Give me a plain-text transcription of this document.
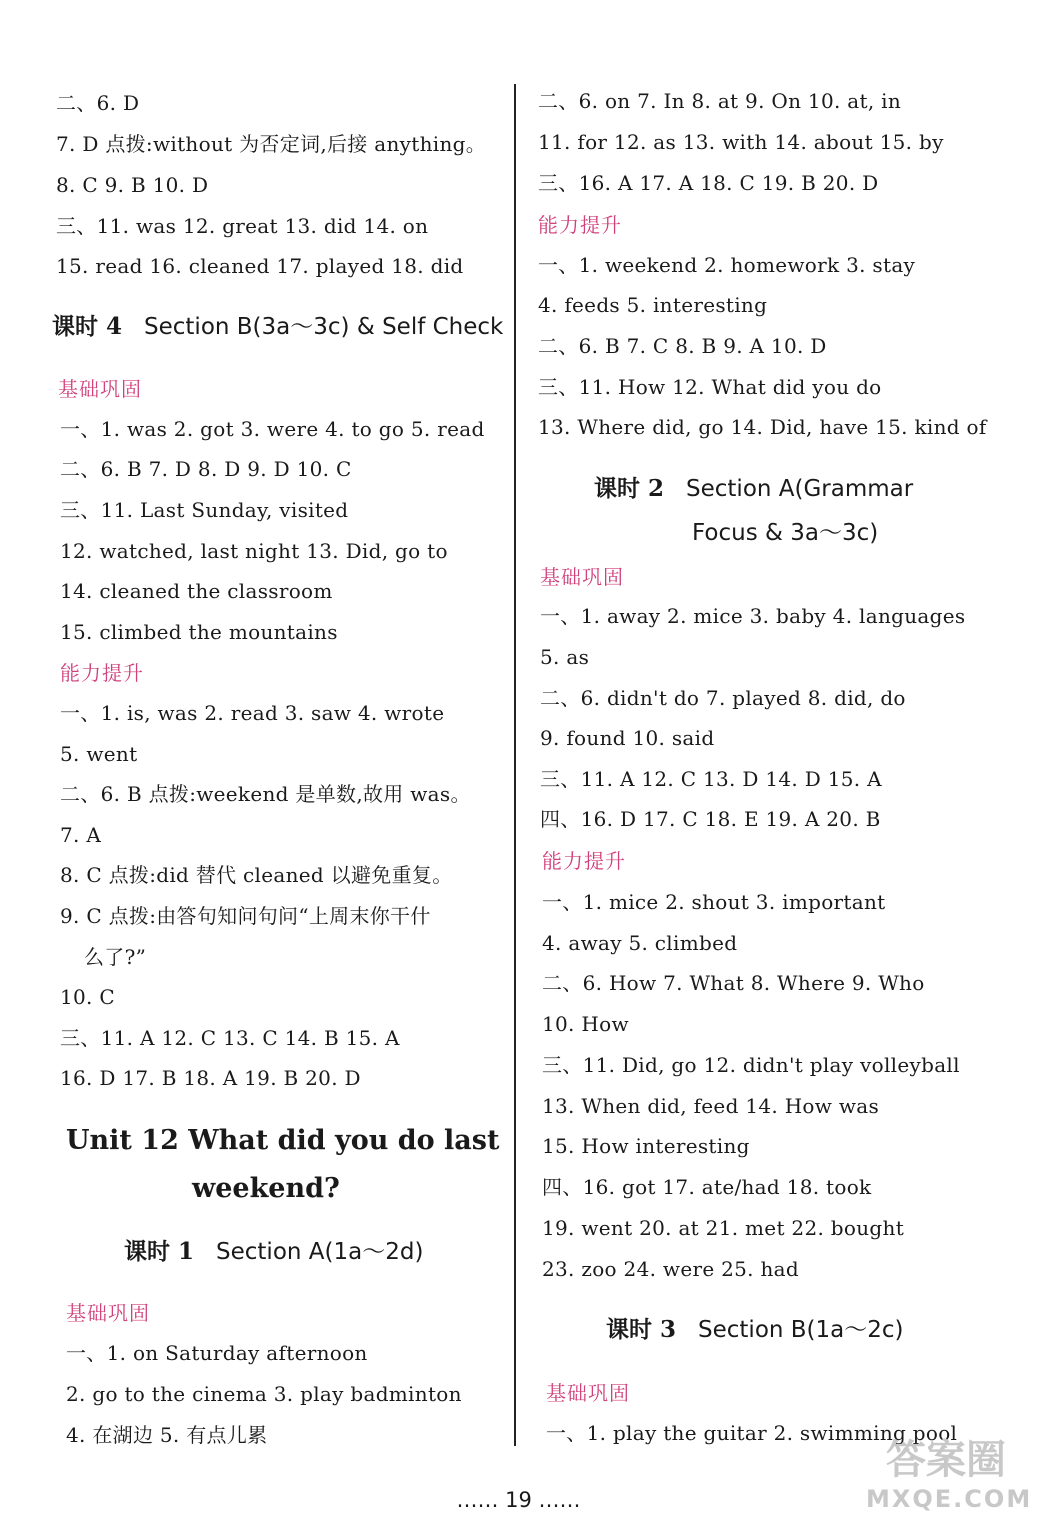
二、6. D
7. D 点拨:without 为否定词,后接 anything。
8. C 9. B 10. D
三、11. was 12. great 13. did 14. on
15. read 16. cleaned 17. played 18. did
课时 4 Section B(3a～3c) & Self Check
基础巩固
一、1. was 2. got 3. were 4. to go 5. read
二、6. B 7. D 8. D 9. D 10. C
三、11. Last Sunday, visited
12. watched, last night 13. Did, go to
14. cleaned the classroom
15. climbed the mountains
能力提升
一、1. is, was 2. read 3. saw 4. wrote
5. went
二、6. B 点拨:weekend 是单数,故用 was。
7. A
8. C 点拨:did 替代 cleaned 以避免重复。
9. C 点拨:由答句知问句问“上周末你干什
么了?”
10. C
三、11. A 12. C 13. C 14. B 15. A
16. D 17. B 18. A 19. B 20. D
Unit 12 What did you do last
weekend?
课时 1 Section A(1a～2d)
基础巩固
一、1. on Saturday afternoon
2. go to the cinema 3. play badminton
4. 在湖边 5. 有点儿累
二、6. on 7. In 8. at 9. On 10. at, in
11. for 12. as 13. with 14. about 15. by
三、16. A 17. A 18. C 19. B 20. D
能力提升
一、1. weekend 2. homework 3. stay
4. feeds 5. interesting
二、6. B 7. C 8. B 9. A 10. D
三、11. How 12. What did you do
13. Where did, go 14. Did, have 15. kind of
课时 2 Section A(Grammar
Focus & 3a～3c)
基础巩固
一、1. away 2. mice 3. baby 4. languages
5. as
二、6. didn't do 7. played 8. did, do
9. found 10. said
三、11. A 12. C 13. D 14. D 15. A
四、16. D 17. C 18. E 19. A 20. B
能力提升
一、1. mice 2. shout 3. important
4. away 5. climbed
二、6. How 7. What 8. Where 9. Who
10. How
三、11. Did, go 12. didn't play volleyball
13. When did, feed 14. How was
15. How interesting
四、16. got 17. ate/had 18. took
19. went 20. at 21. met 22. bought
23. zoo 24. were 25. had
课时 3 Section B(1a～2c)
基础巩固
一、1. play the guitar 2. swimming pool
…… 19 ……
答案圈
MXQE.COM
